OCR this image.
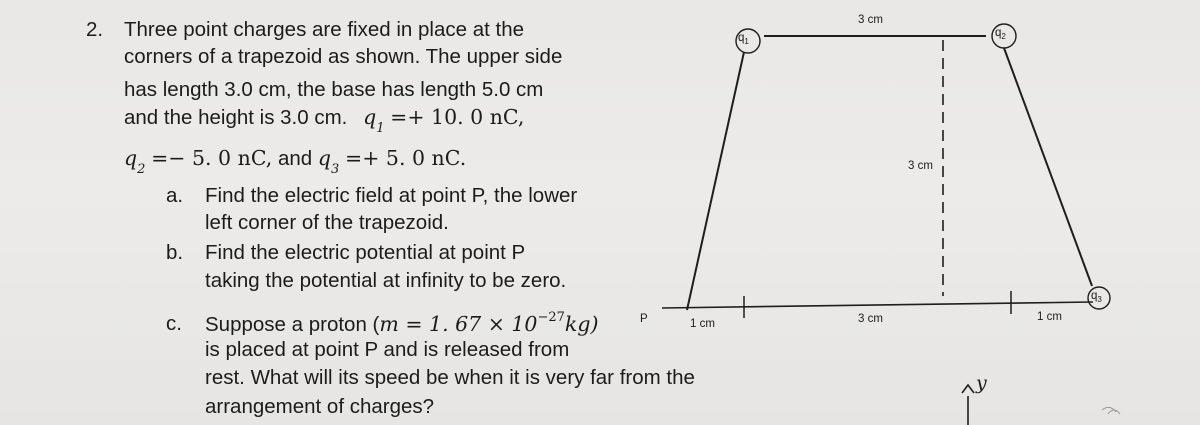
2. Three point charges are fixed in place at the
corners of a trapezoid as shown. The upper side
has length 3.0 cm, the base has length 5.0 cm
and the height is 3.0 cm. $q_1 =+ 10$. 0 nC,
$q_2 =- 5$. 0 nC, and $q_3 =+ 5$. 0 nC.
a. Find the electric field at point P, the lower
left corner of the trapezoid.
b. Find the electric potential at point P
taking the potential at infinity to be zero.
c. Suppose a proton (m = 1. $67 \times 10^{-27}kg$)
is placed at point P and is released from
rest. What will its speed be when it is very far from the
arrangement of charges?
$q_1$
$q_2$
$q_3$
3 cm
3 cm
P	1 cm	3 cm	1 cm
y
